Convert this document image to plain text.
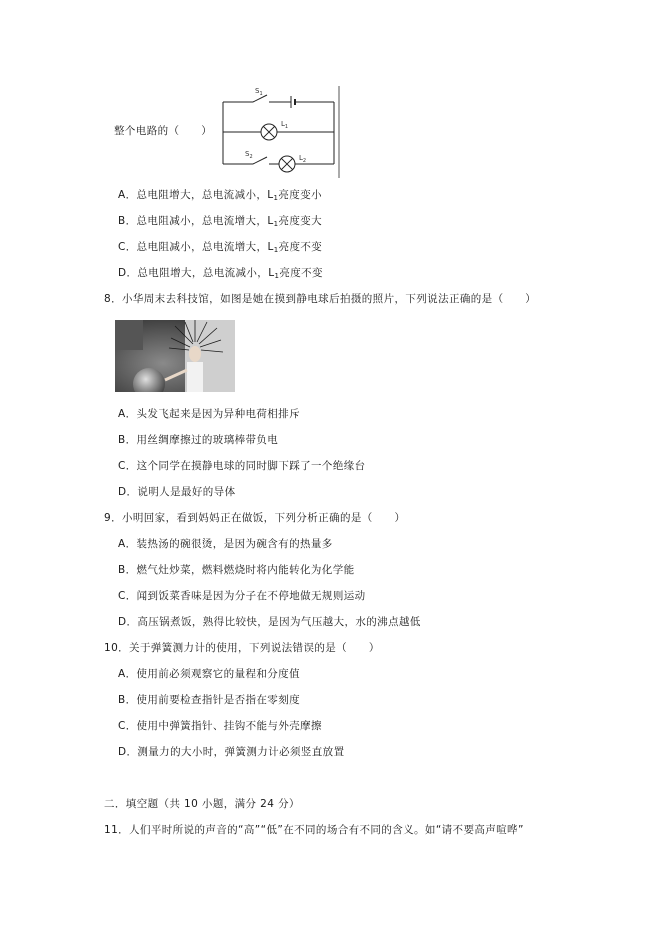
整个电路的（　　）
$S_1$
$L_1$
$S_2$	$L_2$
A．总电阻增大，总电流减小，$L_1$亮度变小
B．总电阻减小，总电流增大，$L_1$亮度变大
C．总电阻减小，总电流增大，$L_1$亮度不变
D．总电阻增大，总电流减小，$L_1$亮度不变
8．小华周末去科技馆，如图是她在摸到静电球后拍摄的照片，下列说法正确的是（　　）
A．头发飞起来是因为异种电荷相排斥
B．用丝绸摩擦过的玻璃棒带负电
C．这个同学在摸静电球的同时脚下踩了一个绝缘台
D．说明人是最好的导体
9．小明回家，看到妈妈正在做饭，下列分析正确的是（　　）
A．装热汤的碗很烫，是因为碗含有的热量多
B．燃气灶炒菜，燃料燃烧时将内能转化为化学能
C．闻到饭菜香味是因为分子在不停地做无规则运动
D．高压锅煮饭，熟得比较快，是因为气压越大，水的沸点越低
10．关于弹簧测力计的使用，下列说法错误的是（　　）
A．使用前必须观察它的量程和分度值
B．使用前要检查指针是否指在零刻度
C．使用中弹簧指针、挂钩不能与外壳摩擦
D．测量力的大小时，弹簧测力计必须竖直放置
二．填空题（共 10 小题，满分 24 分）
11．人们平时所说的声音的“高”“低”在不同的场合有不同的含义。如“请不要高声喧哗”
